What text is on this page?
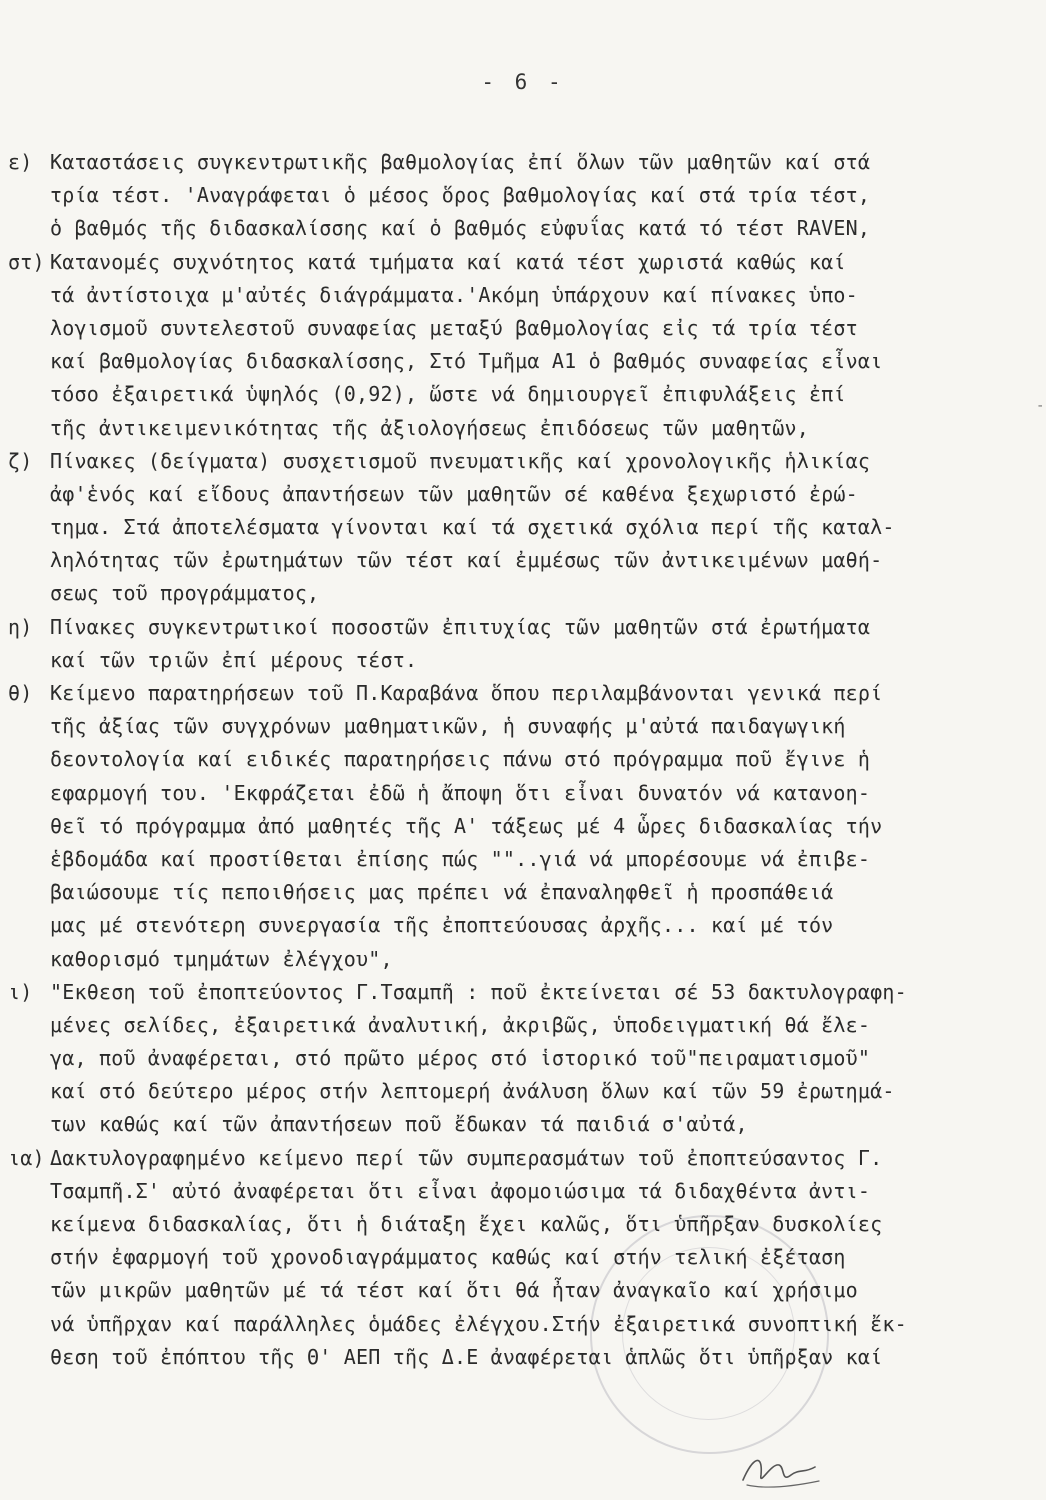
- 6 -
-
ε) Καταστάσεις συγκεντρωτικῆς βαθμολογίας ἐπί ὅλων τῶν μαθητῶν καί στά
τρία τέστ. 'Αναγράφεται ὁ μέσος ὅρος βαθμολογίας καί στά τρία τέστ,
ὁ βαθμός τῆς διδασκαλίσσης καί ὁ βαθμός εὐφυΐας κατά τό τέστ RAVEN,
στ) Κατανομές συχνότητος κατά τμήματα καί κατά τέστ χωριστά καθώς καί
τά ἀντίστοιχα μ'αὐτές διάγράμματα.'Ακόμη ὑπάρχουν καί πίνακες ὑπο-
λογισμοῦ συντελεστοῦ συναφείας μεταξύ βαθμολογίας εἰς τά τρία τέστ
καί βαθμολογίας διδασκαλίσσης, Στό Τμῆμα Α1 ὁ βαθμός συναφείας εἶναι
τόσο ἐξαιρετικά ὑψηλός (0,92), ὥστε νά δημιουργεῖ ἐπιφυλάξεις ἐπί
τῆς ἀντικειμενικότητας τῆς ἀξιολογήσεως ἐπιδόσεως τῶν μαθητῶν,
ζ) Πίνακες (δείγματα) συσχετισμοῦ πνευματικῆς καί χρονολογικῆς ἡλικίας
ἀφ'ἑνός καί εἴδους ἀπαντήσεων τῶν μαθητῶν σέ καθένα ξεχωριστό ἐρώ-
τημα. Στά ἀποτελέσματα γίνονται καί τά σχετικά σχόλια περί τῆς καταλ-
ληλότητας τῶν ἐρωτημάτων τῶν τέστ καί ἐμμέσως τῶν ἀντικειμένων μαθή-
σεως τοῦ προγράμματος,
η) Πίνακες συγκεντρωτικοί ποσοστῶν ἐπιτυχίας τῶν μαθητῶν στά ἐρωτήματα
καί τῶν τριῶν ἐπί μέρους τέστ.
θ) Κείμενο παρατηρήσεων τοῦ Π.Καραβάνα ὅπου περιλαμβάνονται γενικά περί
τῆς ἀξίας τῶν συγχρόνων μαθηματικῶν, ἡ συναφής μ'αὐτά παιδαγωγική
δεοντολογία καί ειδικές παρατηρήσεις πάνω στό πρόγραμμα ποῦ ἔγινε ἡ
εφαρμογή του. 'Εκφράζεται ἐδῶ ἡ ἄποψη ὅτι εἶναι δυνατόν νά κατανοη-
θεῖ τό πρόγραμμα ἀπό μαθητές τῆς Α' τάξεως μέ 4 ὧρες διδασκαλίας τήν
ἑβδομάδα καί προστίθεται ἐπίσης πώς ""..γιά νά μπορέσουμε νά ἐπιβε-
βαιώσουμε τίς πεποιθήσεις μας πρέπει νά ἐπαναληφθεῖ ἡ προσπάθειά
μας μέ στενότερη συνεργασία τῆς ἐποπτεύουσας ἀρχῆς... καί μέ τόν
καθορισμό τμημάτων ἐλέγχου",
ι) "Εκθεση τοῦ ἐποπτεύοντος Γ.Τσαμπῆ : ποῦ ἐκτείνεται σέ 53 δακτυλογραφη-
μένες σελίδες, ἐξαιρετικά ἀναλυτική, ἀκριβῶς, ὑποδειγματική θά ἔλε-
γα, ποῦ ἀναφέρεται, στό πρῶτο μέρος στό ἱστορικό τοῦ"πειραματισμοῦ"
καί στό δεύτερο μέρος στήν λεπτομερή ἀνάλυση ὅλων καί τῶν 59 ἐρωτημά-
των καθώς καί τῶν ἀπαντήσεων ποῦ ἔδωκαν τά παιδιά σ'αὐτά,
ια) Δακτυλογραφημένο κείμενο περί τῶν συμπερασμάτων τοῦ ἐποπτεύσαντος Γ.
Τσαμπῆ.Σ' αὐτό ἀναφέρεται ὅτι εἶναι ἀφομοιώσιμα τά διδαχθέντα ἀντι-
κείμενα διδασκαλίας, ὅτι ἡ διάταξη ἔχει καλῶς, ὅτι ὑπῆρξαν δυσκολίες
στήν ἐφαρμογή τοῦ χρονοδιαγράμματος καθώς καί στήν τελική ἐξέταση
τῶν μικρῶν μαθητῶν μέ τά τέστ καί ὅτι θά ἦταν ἀναγκαῖο καί χρήσιμο
νά ὑπῆρχαν καί παράλληλες ὁμάδες ἐλέγχου.Στήν ἐξαιρετικά συνοπτική ἔκ-
θεση τοῦ ἐπόπτου τῆς Θ' ΑΕΠ τῆς Δ.Ε ἀναφέρεται ἁπλῶς ὅτι ὑπῆρξαν καί
